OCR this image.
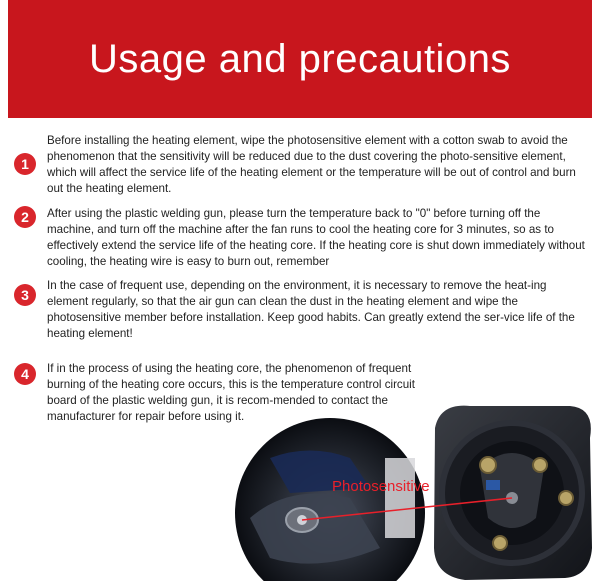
Usage and precautions
1
Before installing the heating element, wipe the photosensitive element with a cotton swab to avoid the phenomenon that the sensitivity will be reduced due to the dust covering the photo-sensitive element, which will affect the service life of the heating element or the temperature will be out of control and burn out the heating element.
2	After using the plastic welding gun, please turn the temperature back to "0" before turning off the machine, and turn off the machine after the fan runs to cool the heating core for 3 minutes, so as to effectively extend the service life of the heating core. If the heating core is shut down immediately without cooling, the heating wire is easy to burn out, remember
3
In the case of frequent use, depending on the environment, it is necessary to remove the heat-ing element regularly, so that the air gun can clean the dust in the heating element and wipe the photosensitive member before installation. Keep good habits. Can greatly extend the ser-vice life of the heating element!
4	If in the process of using the heating core, the phenomenon of frequent burning of the heating core occurs, this is the temperature control circuit board of the plastic welding gun, it is recom-mended to contact the manufacturer for repair before using it.
Photosensitive
